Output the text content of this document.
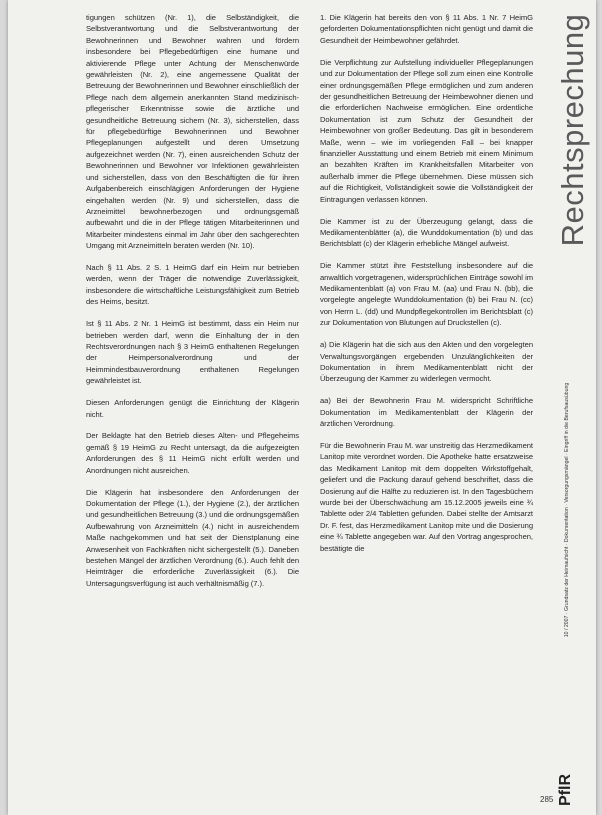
tigungen schützen (Nr. 1), die Selbständigkeit, die Selbstverantwortung und die Selbstverantwortung der Bewohnerinnen und Bewohner wahren und fördern insbesondere bei Pflegebedürftigen eine humane und aktivierende Pflege unter Achtung der Menschenwürde gewährleisten (Nr. 2), eine angemessene Qualität der Betreuung der Bewohnerinnen und Bewohner einschließlich der Pflege nach dem allgemein anerkannten Stand medizinisch-pflegerischer Erkenntnisse sowie die ärztliche und gesundheitliche Betreuung sichern (Nr. 3), sicherstellen, dass für pflegebedürftige Bewohnerinnen und Bewohner Pflegeplanungen aufgestellt und deren Umsetzung aufgezeichnet werden (Nr. 7), einen ausreichenden Schutz der Bewohnerinnen und Bewohner vor Infektionen gewährleisten und sicherstellen, dass von den Beschäftigten die für ihren Aufgabenbereich einschlägigen Anforderungen der Hygiene eingehalten werden (Nr. 9) und sicherstellen, dass die Arzneimittel bewohnerbezogen und ordnungsgemäß aufbewahrt und die in der Pflege tätigen Mitarbeiterinnen und Mitarbeiter mindestens einmal im Jahr über den sachgerechten Umgang mit Arzneimitteln beraten werden (Nr. 10).

Nach § 11 Abs. 2 S. 1 HeimG darf ein Heim nur betrieben werden, wenn der Träger die notwendige Zuverlässigkeit, insbesondere die wirtschaftliche Leistungsfähigkeit zum Betrieb des Heims, besitzt.

Ist § 11 Abs. 2 Nr. 1 HeimG ist bestimmt, dass ein Heim nur betrieben werden darf, wenn die Einhaltung der in den Rechtsverordnungen nach § 3 HeimG enthaltenen Regelungen der Heimpersonalverordnung und der Heimmindestbauverordnung enthaltenen Regelungen gewährleistet ist.

Diesen Anforderungen genügt die Einrichtung der Klägerin nicht.

Der Beklagte hat den Betrieb dieses Alten- und Pflegeheims gemäß § 19 HeimG zu Recht untersagt, da die aufgezeigten Anforderungen des § 11 HeimG nicht erfüllt werden und Anordnungen nicht ausreichen.

Die Klägerin hat insbesondere den Anforderungen der Dokumentation der Pflege (1.), der Hygiene (2.), der ärztlichen und gesundheitlichen Betreuung (3.) und die ordnungsgemäßen Aufbewahrung von Arzneimitteln (4.) nicht in ausreichendem Maße nachgekommen und hat seit der Dienstplanung eine Anwesenheit von Fachkräften nicht sichergestellt (5.). Daneben bestehen Mängel der ärztlichen Verordnung (6.). Auch fehlt den Heimträger die erforderliche Zuverlässigkeit (6.). Die Untersagungsverfügung ist auch verhältnismäßig (7.).

1. Die Klägerin hat bereits den von § 11 Abs. 1 Nr. 7 HeimG geforderten Dokumentationspflichten nicht genügt und damit die Gesundheit der Heimbewohner gefährdet.

Die Verpflichtung zur Aufstellung individueller Pflegeplanungen und zur Dokumentation der Pflege soll zum einen eine Kontrolle einer ordnungsgemäßen Pflege ermöglichen und zum anderen der gesundheitlichen Betreuung der Heimbewohner dienen und die erforderlichen Nachweise ermöglichen. Eine ordentliche Dokumentation ist zum Schutz der Gesundheit der Heimbewohner von großer Bedeutung. Das gilt in besonderem Maße, wenn – wie im vorliegenden Fall – bei knapper finanzieller Ausstattung und einem Betrieb mit einem Minimum an bezahlten Kräften im Krankheitsfallen Mitarbeiter von außerhalb immer die Pflege übernehmen. Diese müssen sich auf die Richtigkeit, Vollständigkeit sowie die Vollständigkeit der Eintragungen verlassen können.

Die Kammer ist zu der Überzeugung gelangt, dass die Medikamentenblätter (a), die Wunddokumentation (b) und das Berichtsblatt (c) der Klägerin erhebliche Mängel aufweist.

Die Kammer stützt ihre Feststellung insbesondere auf die anwaltlich vorgetragenen, widersprüchlichen Einträge sowohl im Medikamentenblatt (a) von Frau M. (aa) und Frau N. (bb), die vorgelegte angelegte Wunddokumentation (b) bei Frau N. (cc) von Herrn L. (dd) und Mundpflegekontrollen im Berichtsblatt (c) zur Dokumentation von Blutungen auf Druckstellen (c).

a) Die Klägerin hat die sich aus den Akten und den vorgelegten Verwaltungsvorgängen ergebenden Unzulänglichkeiten der Dokumentation in ihrem Medikamentenblatt nicht der Überzeugung der Kammer zu widerlegen vermocht.

aa) Bei der Bewohnerin Frau M. widerspricht Schriftliche Dokumentation im Medikamentenblatt der Klägerin der ärztlichen Verordnung.

Für die Bewohnerin Frau M. war unstreitig das Herzmedikament Lanitop mite verordnet worden. Die Apotheke hatte ersatzweise das Medikament Lanitop mit dem doppelten Wirkstoffgehalt, geliefert und die Packung darauf gehend beschriftet, dass die Dosierung auf die Hälfte zu reduzieren ist. In den Tagesbüchern wurde bei der Überschwächung am 15.12.2005 jeweils eine ¾ Tablette oder 2/4 Tabletten gefunden. Dabei stellte der Amtsarzt Dr. F. fest, das Herzmedikament Lanitop mite und die Dosierung eine ¾ Tablette angegeben war. Auf den Vortrag angesprochen, bestätigte die

Rechtsprechung
10 / 2007 · Grundsatz der Heimaufsicht · Dokumentation · Versorgungsmängel · Eingriff in die Berufsausübung
PflR
285
